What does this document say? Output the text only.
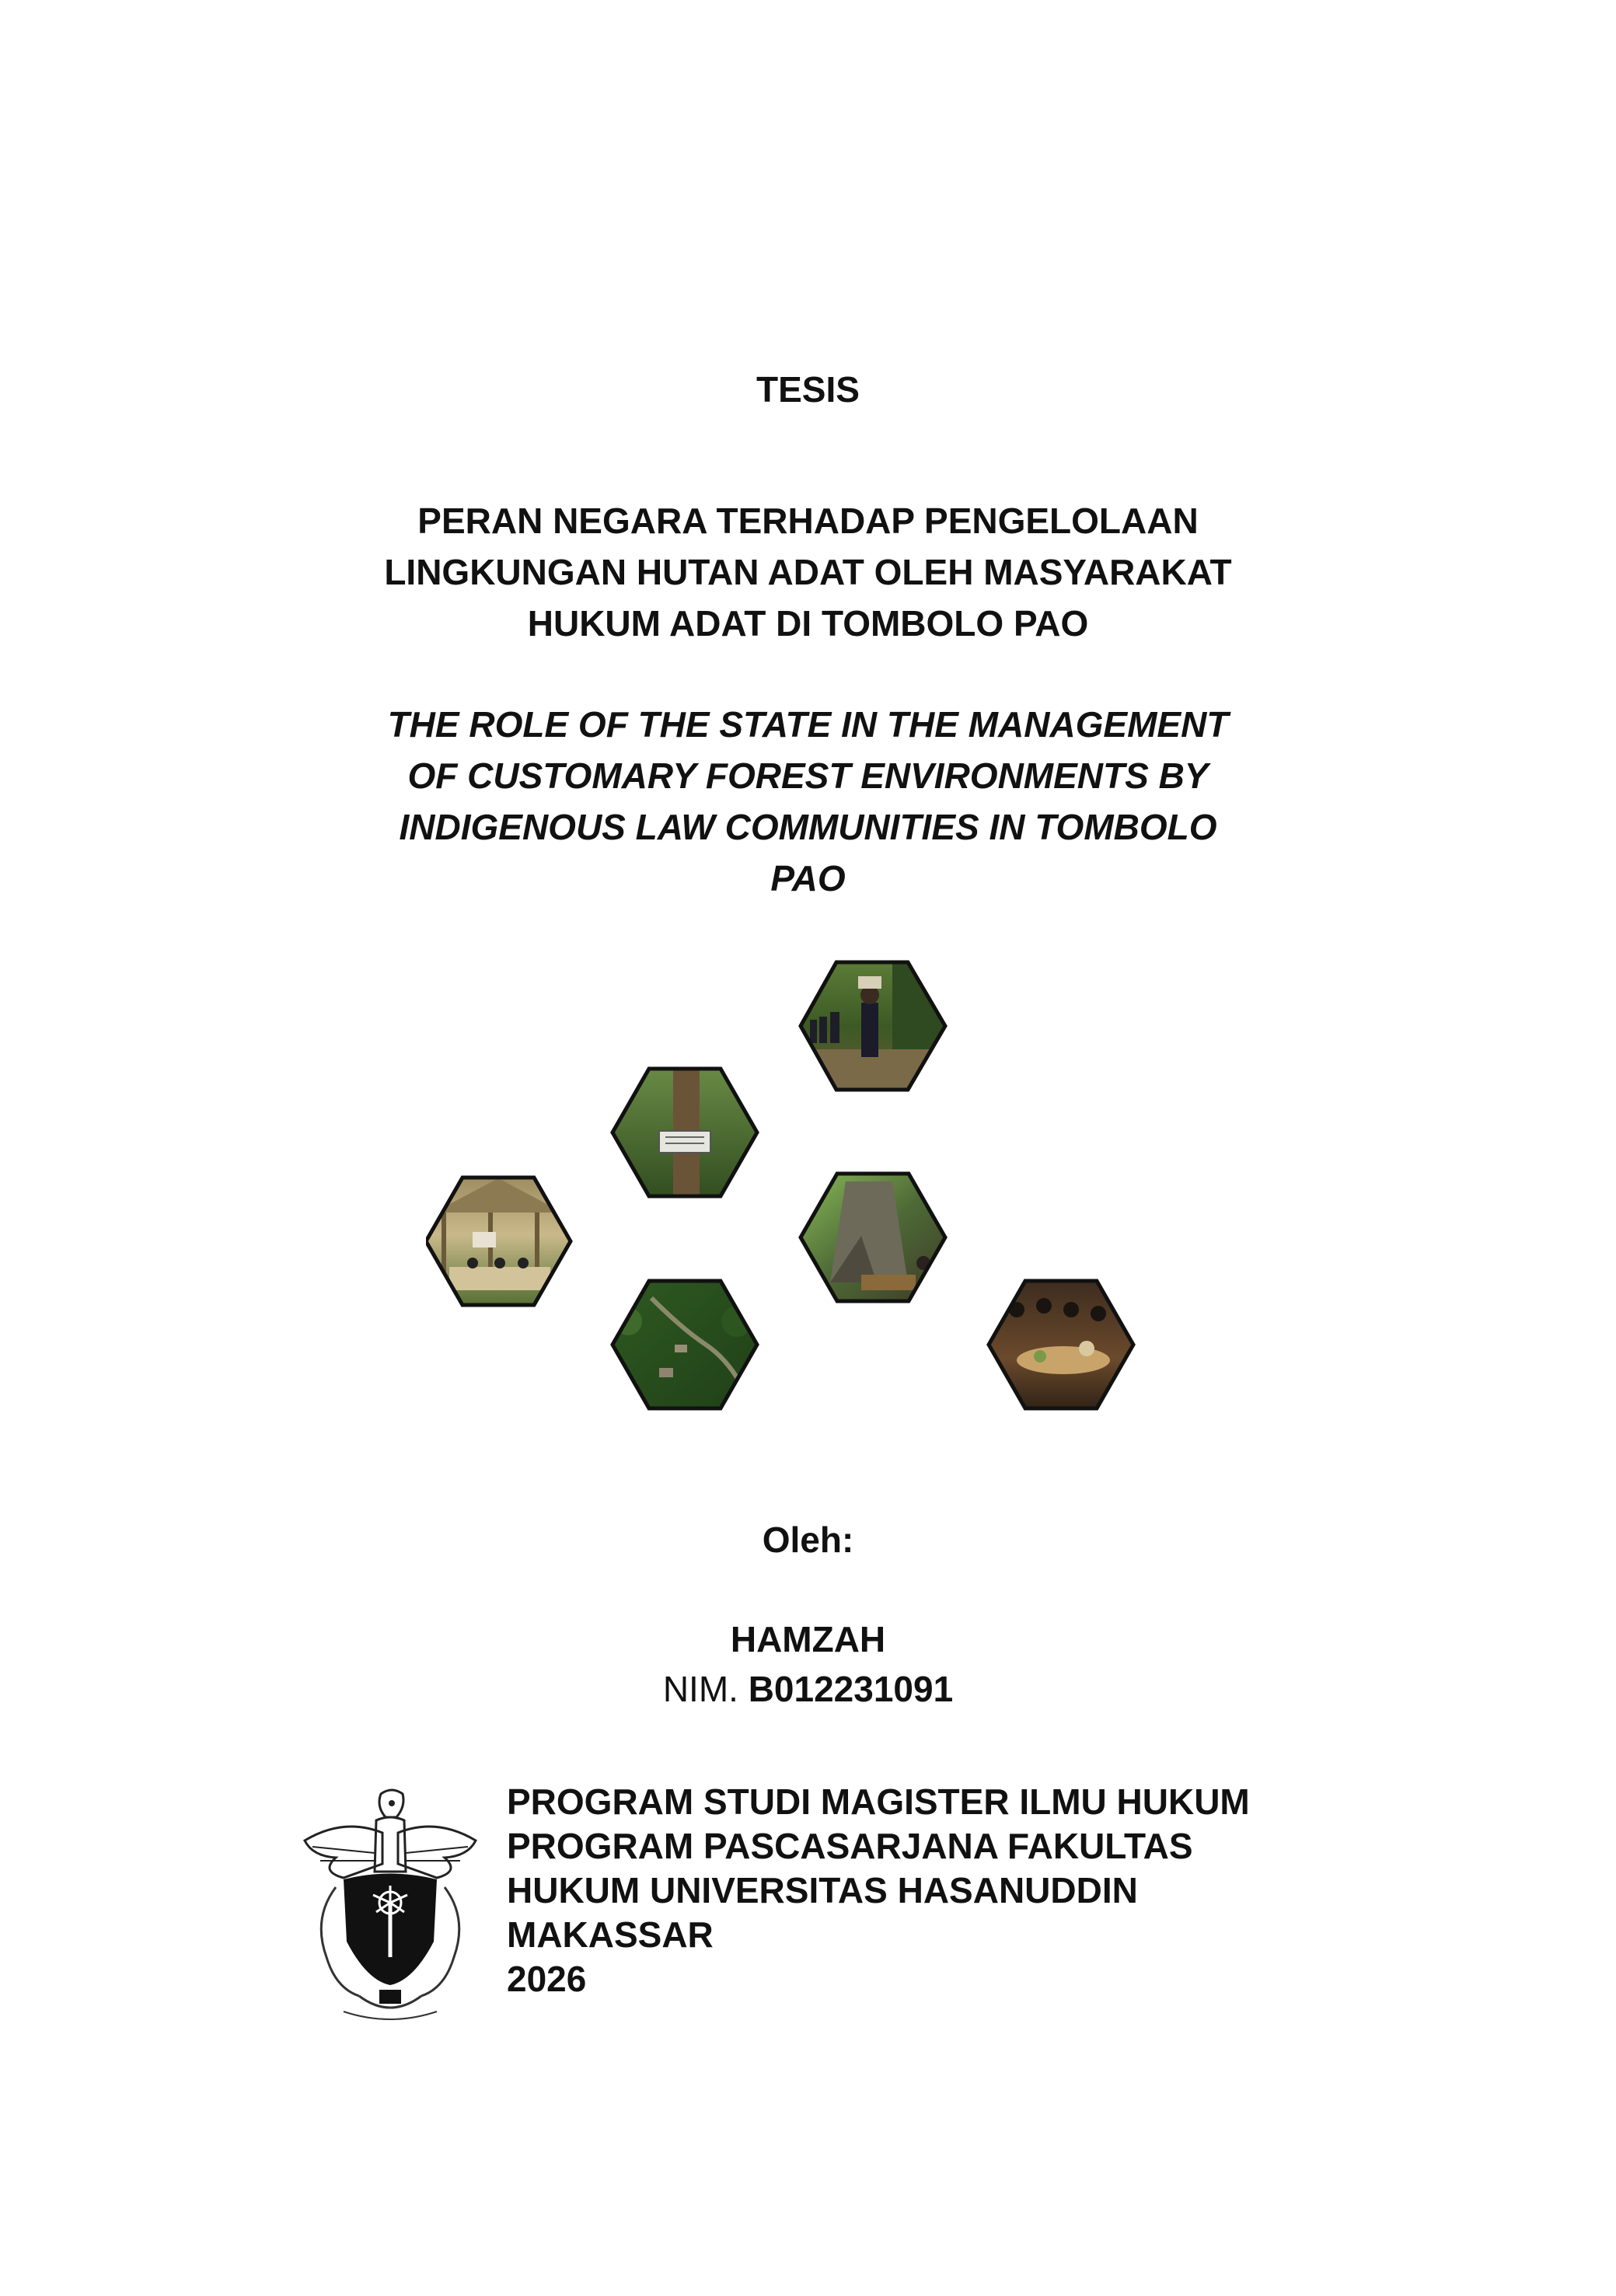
TESIS

PERAN NEGARA TERHADAP PENGELOLAAN
LINGKUNGAN HUTAN ADAT OLEH MASYARAKAT
HUKUM ADAT DI TOMBOLO PAO

THE ROLE OF THE STATE IN THE MANAGEMENT
OF CUSTOMARY FOREST ENVIRONMENTS BY
INDIGENOUS LAW COMMUNITIES IN TOMBOLO
PAO

Oleh:

HAMZAH

NIM. B012231091

PROGRAM STUDI MAGISTER ILMU HUKUM
PROGRAM PASCASARJANA FAKULTAS
HUKUM UNIVERSITAS HASANUDDIN
MAKASSAR
2026
